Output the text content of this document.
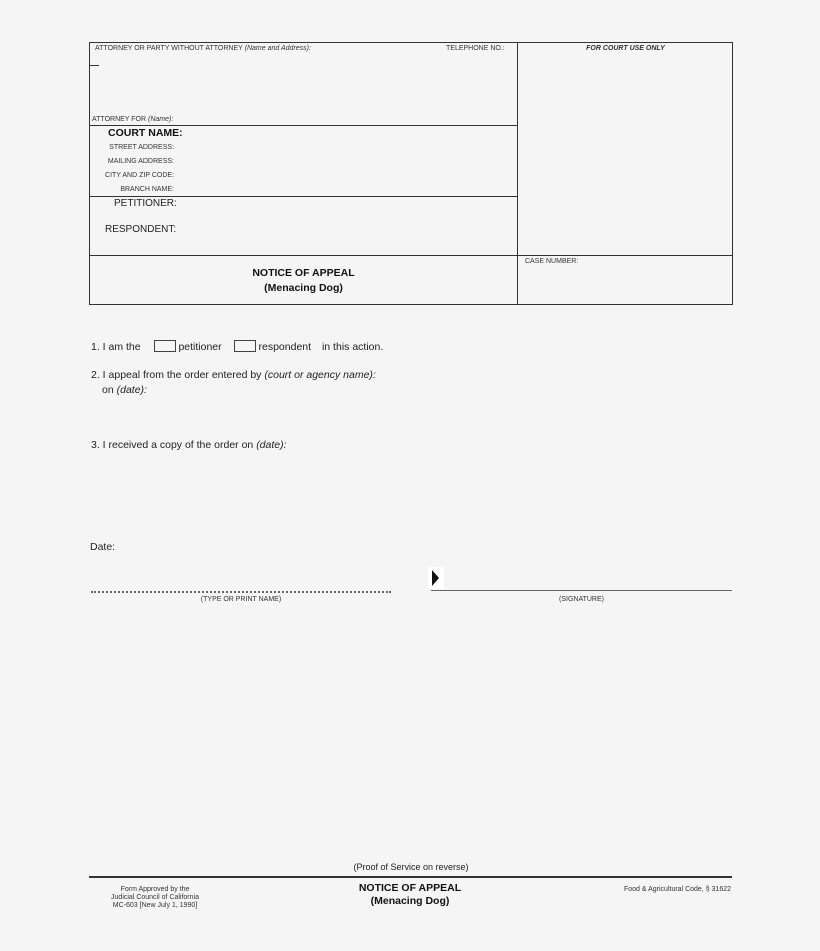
ATTORNEY OR PARTY WITHOUT ATTORNEY (Name and Address):	TELEPHONE NO.:
ATTORNEY FOR (Name):
FOR COURT USE ONLY
COURT NAME:
STREET ADDRESS:
MAILING ADDRESS:
CITY AND ZIP CODE:
BRANCH NAME:
PETITIONER:
RESPONDENT:
NOTICE OF APPEAL
(Menacing Dog)
CASE NUMBER:
1. I am the	petitioner	respondent in this action.
2. I appeal from the order entered by (court or agency name):
on (date):
3. I received a copy of the order on (date):
Date:
(TYPE OR PRINT NAME)	(SIGNATURE)
(Proof of Service on reverse)
Form Approved by the
Judicial Council of California
MC-603 [New July 1, 1990]
NOTICE OF APPEAL
(Menacing Dog)
Food & Agricultural Code, § 31622
